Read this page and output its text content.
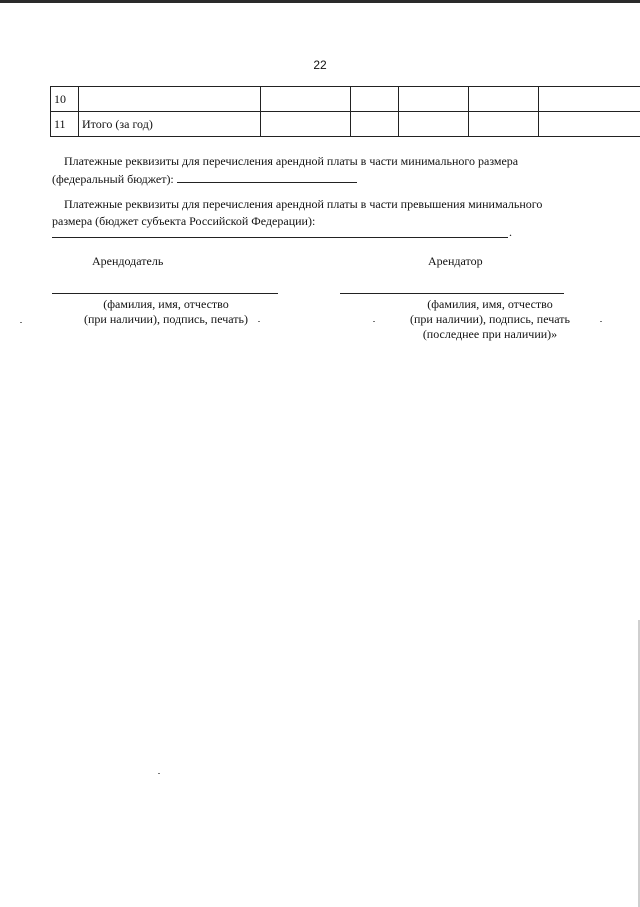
22
10						
11	Итого (за год)					
Платежные реквизиты для перечисления арендной платы в части минимального размера
(федеральный бюджет):
Платежные реквизиты для перечисления арендной платы в части превышения минимального
размера (бюджет субъекта Российской Федерации):
.
Арендодатель	Арендатор
(фамилия, имя, отчество
(при наличии), подпись, печать)
(фамилия, имя, отчество
(при наличии), подпись, печать
(последнее при наличии)»
